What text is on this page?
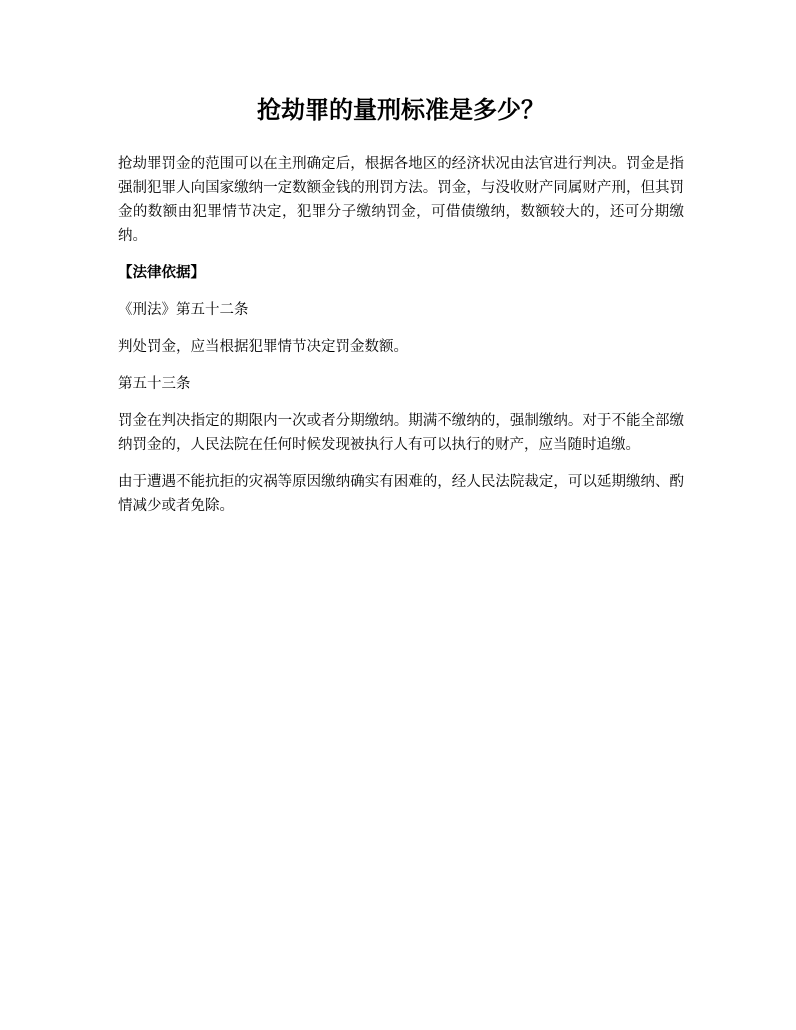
抢劫罪的量刑标准是多少？

抢劫罪罚金的范围可以在主刑确定后，根据各地区的经济状况由法官进行判决。罚金是指强制犯罪人向国家缴纳一定数额金钱的刑罚方法。罚金，与没收财产同属财产刑，但其罚金的数额由犯罪情节决定，犯罪分子缴纳罚金，可借债缴纳，数额较大的，还可分期缴纳。

【法律依据】

《刑法》第五十二条

判处罚金，应当根据犯罪情节决定罚金数额。

第五十三条

罚金在判决指定的期限内一次或者分期缴纳。期满不缴纳的，强制缴纳。对于不能全部缴纳罚金的，人民法院在任何时候发现被执行人有可以执行的财产，应当随时追缴。

由于遭遇不能抗拒的灾祸等原因缴纳确实有困难的，经人民法院裁定，可以延期缴纳、酌情减少或者免除。
